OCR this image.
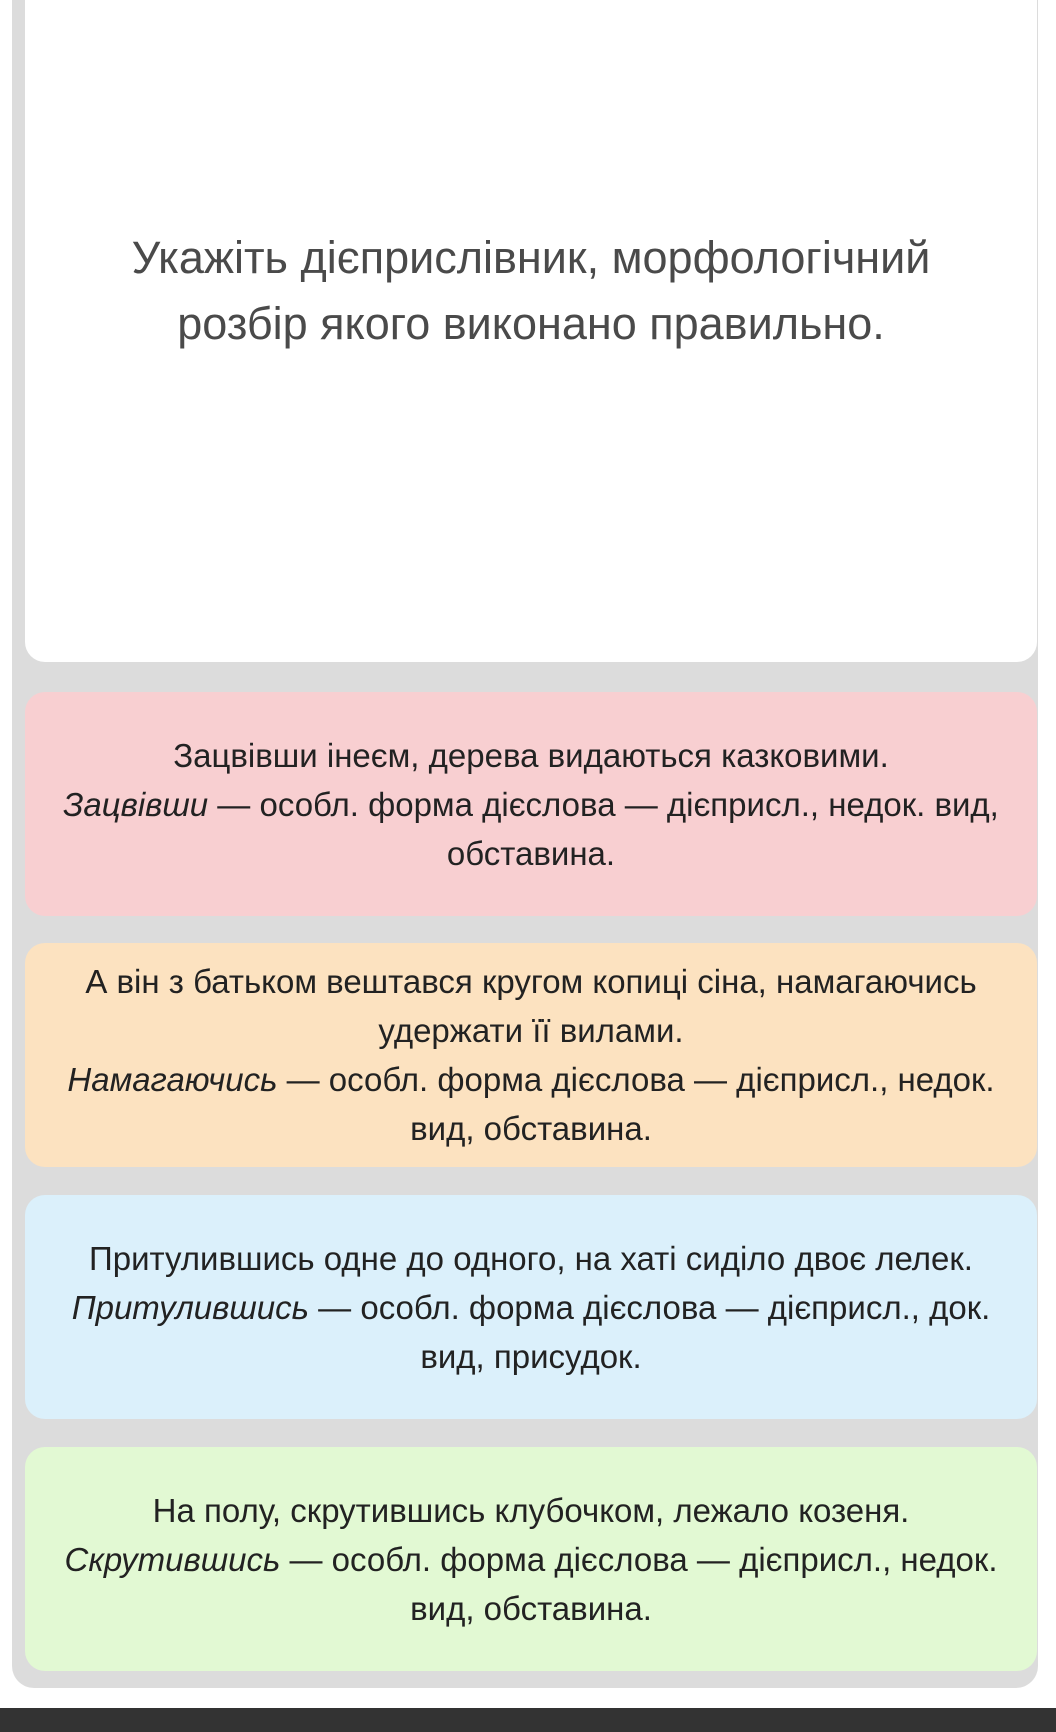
Укажіть дієприслівник, морфологічний розбір якого виконано правильно.
Зацвівши інеєм, дерева видаються казковими.
Зацвівши — особл. форма дієслова — дієприсл., недок. вид, обставина.
А він з батьком вештався кругом копиці сіна, намагаючись удержати її вилами.
Намагаючись — особл. форма дієслова — дієприсл., недок. вид, обставина.
Притулившись одне до одного, на хаті сиділо двоє лелек.
Притулившись — особл. форма дієслова — дієприсл., док. вид, присудок.
На полу, скрутившись клубочком, лежало козеня.
Скрутившись — особл. форма дієслова — дієприсл., недок. вид, обставина.
